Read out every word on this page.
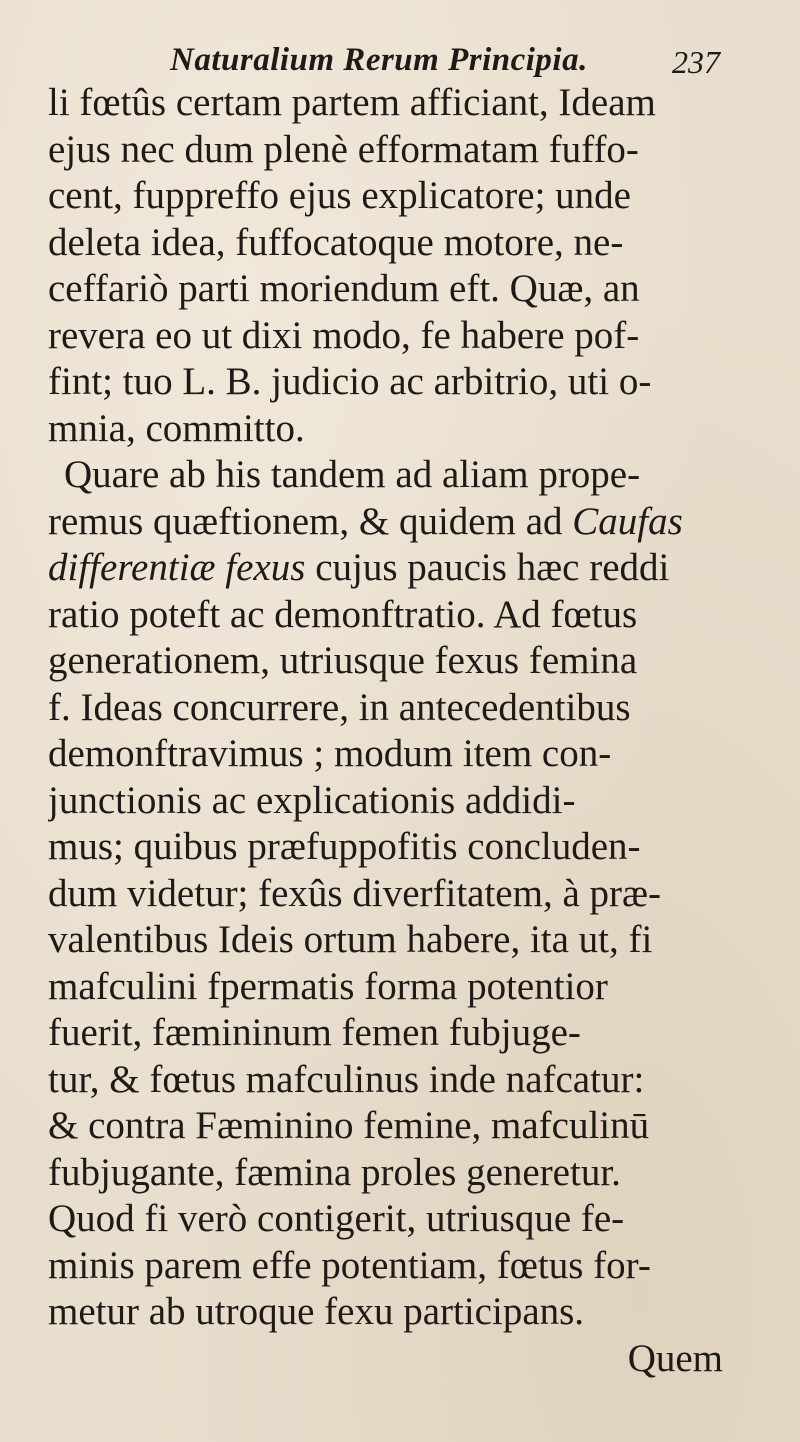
Naturalium Rerum Principia.	237
li fœtûs certam partem afficiant, Ideam
ejus nec dum plenè efformatam fuffo-
cent, fuppreffo ejus explicatore; unde
deleta idea, fuffocatoque motore, ne-
ceffariò parti moriendum eft. Quæ, an
revera eo ut dixi modo, fe habere pof-
fint; tuo L. B. judicio ac arbitrio, uti o-
mnia, committo.
Quare ab his tandem ad aliam prope-
remus quæftionem, & quidem ad Caufas
differentiæ fexus cujus paucis hæc reddi
ratio poteft ac demonftratio. Ad fœtus
generationem, utriusque fexus femina
f. Ideas concurrere, in antecedentibus
demonftravimus ; modum item con-
junctionis ac explicationis addidi-
mus; quibus præfuppofitis concluden-
dum videtur; fexûs diverfitatem, à præ-
valentibus Ideis ortum habere, ita ut, fi
mafculini fpermatis forma potentior
fuerit, fæmininum femen fubjuge-
tur, & fœtus mafculinus inde nafcatur:
& contra Fæminino femine, mafculinū
fubjugante, fæmina proles generetur.
Quod fi verò contigerit, utriusque fe-
minis parem effe potentiam, fœtus for-
metur ab utroque fexu participans.
Quem
